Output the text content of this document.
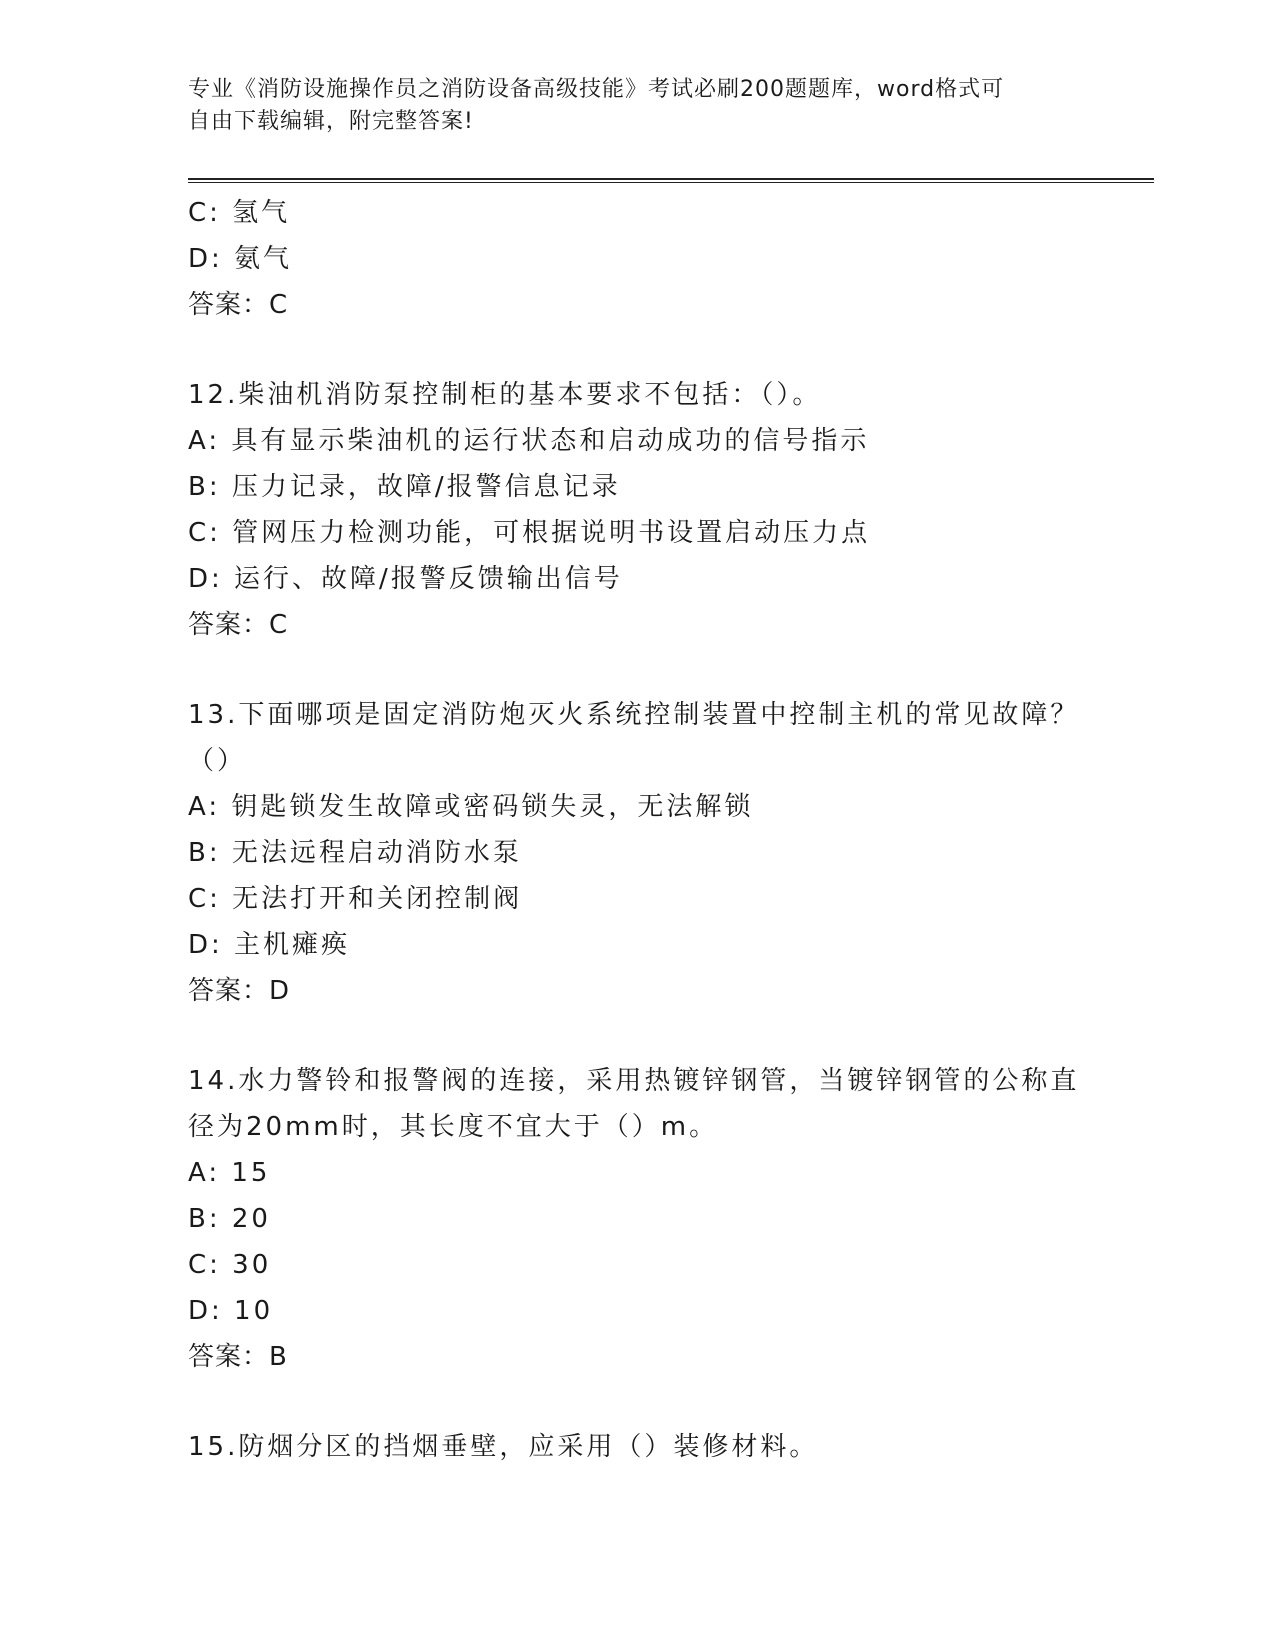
专业《消防设施操作员之消防设备高级技能》考试必刷200题题库，word格式可
自由下载编辑，附完整答案!
C: 氢气
D: 氨气
答案：C
12.柴油机消防泵控制柜的基本要求不包括：（）。
A: 具有显示柴油机的运行状态和启动成功的信号指示
B: 压力记录，故障/报警信息记录
C: 管网压力检测功能，可根据说明书设置启动压力点
D: 运行、故障/报警反馈输出信号
答案：C
13.下面哪项是固定消防炮灭火系统控制装置中控制主机的常见故障？
（）
A: 钥匙锁发生故障或密码锁失灵，无法解锁
B: 无法远程启动消防水泵
C: 无法打开和关闭控制阀
D: 主机瘫痪
答案：D
14.水力警铃和报警阀的连接，采用热镀锌钢管，当镀锌钢管的公称直
径为20mm时，其长度不宜大于（）m。
A: 15
B: 20
C: 30
D: 10
答案：B
15.防烟分区的挡烟垂壁，应采用（）装修材料。
